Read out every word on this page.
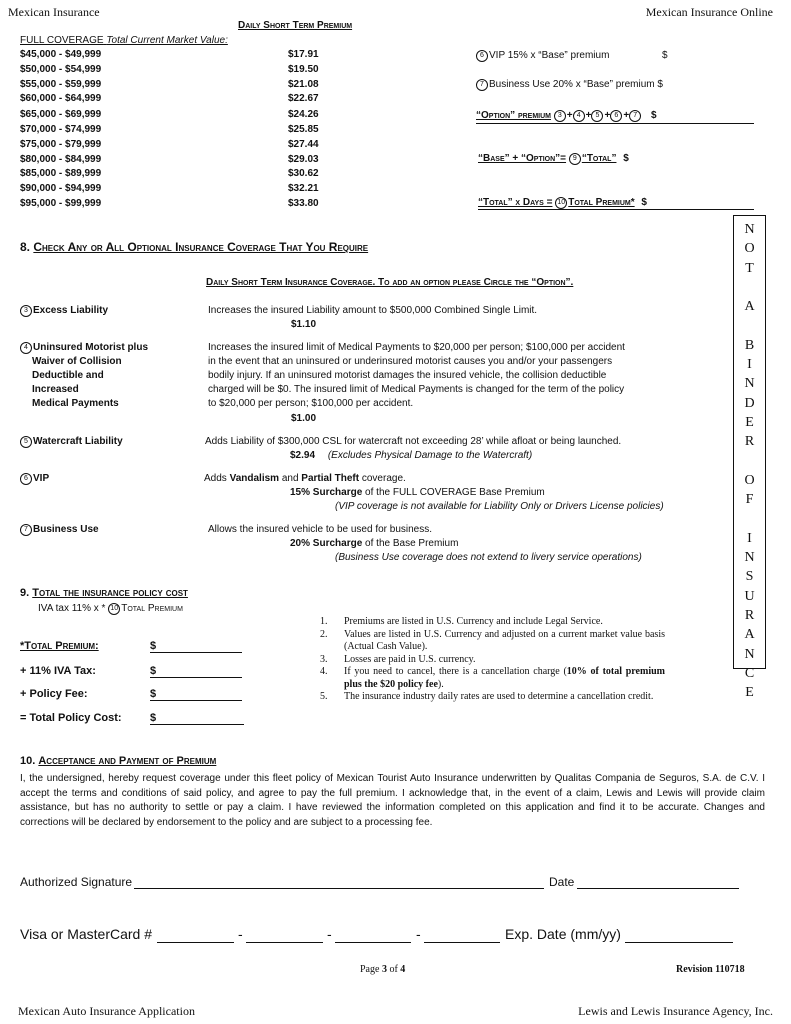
Mexican Insurance	Mexican Insurance Online
Daily Short Term Premium
FULL COVERAGE Total Current Market Value:
$45,000 - $49,999	$17.91
$50,000 - $54,999	$19.50
$55,000 - $59,999	$21.08
$60,000 - $64,999	$22.67
$65,000 - $69,999	$24.26
$70,000 - $74,999	$25.85
$75,000 - $79,999	$27.44
$80,000 - $84,999	$29.03
$85,000 - $89,999	$30.62
$90,000 - $94,999	$32.21
$95,000 - $99,999	$33.80
6 VIP 15% x “Base” premium	$
7 Business Use 20% x “Base” premium $
“Option” premium 3 + 4 + 5 + 6 + 7 $
“Base” + “Option”= 9 “Total” $
“Total” x Days = 10 Total Premium* $
N
O
T

A

B
I
N
D
E
R

O
F

I
N
S
U
R
A
N
C
E
8. Check Any or All Optional Insurance Coverage That You Require
Daily Short Term Insurance Coverage. To add an option please Circle the “Option”.
3 Excess Liability	Increases the insured Liability amount to $500,000 Combined Single Limit.
$1.10
4 Uninsured Motorist plus
Waiver of Collision
Deductible and
Increased
Medical Payments
Increases the insured limit of Medical Payments to $20,000 per person; $100,000 per accident
in the event that an uninsured or underinsured motorist causes you and/or your passengers
bodily injury. If an uninsured motorist damages the insured vehicle, the collision deductible
charged will be $0. The insured limit of Medical Payments is changed for the term of the policy
to $20,000 per person; $100,000 per accident.
$1.00
5 Watercraft Liability	Adds Liability of $300,000 CSL for watercraft not exceeding 28’ while afloat or being launched.
$2.94 (Excludes Physical Damage to the Watercraft)
6 VIP	Adds Vandalism and Partial Theft coverage.
15% Surcharge of the FULL COVERAGE Base Premium
(VIP coverage is not available for Liability Only or Drivers License policies)
7 Business Use	Allows the insured vehicle to be used for business.
20% Surcharge of the Base Premium
(Business Use coverage does not extend to livery service operations)
9. Total the insurance policy cost
IVA tax 11% x * 10 Total Premium
*Total Premium:	$
+ 11% IVA Tax:	$
+ Policy Fee:	$
= Total Policy Cost:	$
1. Premiums are listed in U.S. Currency and include Legal Service.
2. Values are listed in U.S. Currency and adjusted on a current market value basis (Actual Cash Value).
3. Losses are paid in U.S. currency.
4. If you need to cancel, there is a cancellation charge (10% of total premium plus the $20 policy fee).
5. The insurance industry daily rates are used to determine a cancellation credit.
10. Acceptance and Payment of Premium
I, the undersigned, hereby request coverage under this fleet policy of Mexican Tourist Auto Insurance underwritten by Qualitas Compania de Seguros, S.A. de C.V. I accept the terms and conditions of said policy, and agree to pay the full premium. I acknowledge that, in the event of a claim, Lewis and Lewis will provide claim assistance, but has no authority to settle or pay a claim. I have reviewed the information completed on this application and find it to be accurate. Changes and corrections will be declared by endorsement to the policy and are subject to a processing fee.
Authorized Signature	Date
Visa or MasterCard #	-	-	-	Exp. Date (mm/yy)
Page 3 of 4	Revision 110718
Mexican Auto Insurance Application	Lewis and Lewis Insurance Agency, Inc.
